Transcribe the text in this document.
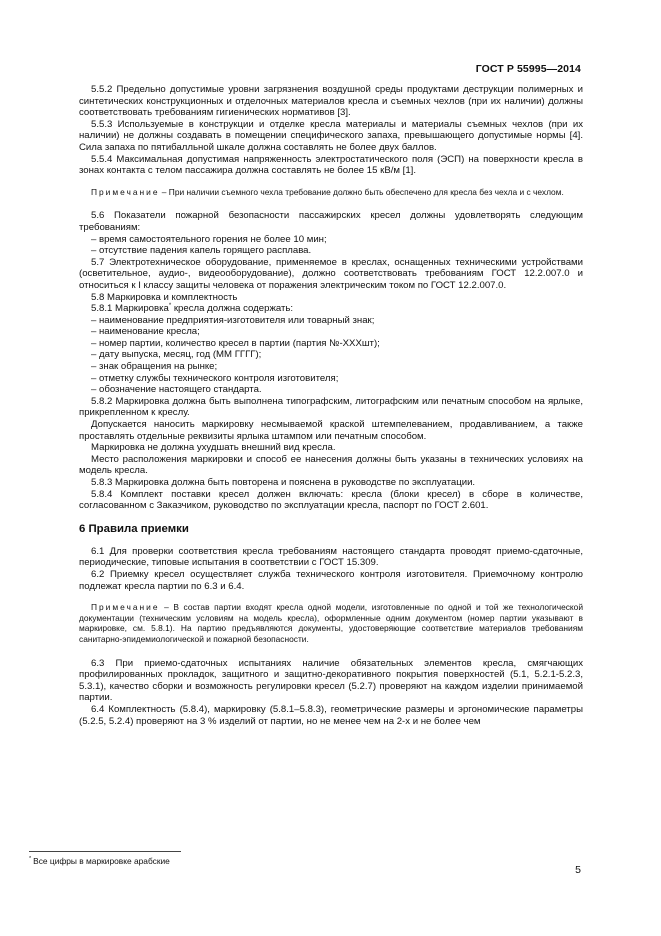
ГОСТ Р 55995—2014

5.5.2 Предельно допустимые уровни загрязнения воздушной среды продуктами деструкции полимерных и синтетических конструкционных и отделочных материалов кресла и съемных чехлов (при их наличии) должны соответствовать требованиям гигиенических нормативов [3].

5.5.3 Используемые в конструкции и отделке кресла материалы и материалы съемных чехлов (при их наличии) не должны создавать в помещении специфического запаха, превышающего допустимые нормы [4]. Сила запаха по пятибалльной шкале должна составлять не более двух баллов.

5.5.4 Максимальная допустимая напряженность электростатического поля (ЭСП) на поверхности кресла в зонах контакта с телом пассажира должна составлять не более 15 кВ/м [1].

Примечание – При наличии съемного чехла требование должно быть обеспечено для кресла без чехла и с чехлом.

5.6 Показатели пожарной безопасности пассажирских кресел должны удовлетворять следующим требованиям:

– время самостоятельного горения не более 10 мин;

– отсутствие падения капель горящего расплава.

5.7 Электротехническое оборудование, применяемое в креслах, оснащенных техническими устройствами (осветительное, аудио-, видеооборудование), должно соответствовать требованиям ГОСТ 12.2.007.0 и относиться к I классу защиты человека от поражения электрическим током по ГОСТ 12.2.007.0.

5.8 Маркировка и комплектность

5.8.1 Маркировка* кресла должна содержать:

– наименование предприятия-изготовителя или товарный знак;

– наименование кресла;

– номер партии, количество кресел в партии (партия №-XXXшт);

– дату выпуска, месяц, год (ММ ГГГГ);

– знак обращения на рынке;

– отметку службы технического контроля изготовителя;

– обозначение настоящего стандарта.

5.8.2 Маркировка должна быть выполнена типографским, литографским или печатным способом на ярлыке, прикрепленном к креслу.

Допускается наносить маркировку несмываемой краской штемпелеванием, продавливанием, а также проставлять отдельные реквизиты ярлыка штампом или печатным способом.

Маркировка не должна ухудшать внешний вид кресла.

Место расположения маркировки и способ ее нанесения должны быть указаны в технических условиях на модель кресла.

5.8.3 Маркировка должна быть повторена и пояснена в руководстве по эксплуатации.

5.8.4 Комплект поставки кресел должен включать: кресла (блоки кресел) в сборе в количестве, согласованном с Заказчиком, руководство по эксплуатации кресла, паспорт по ГОСТ 2.601.

6 Правила приемки

6.1 Для проверки соответствия кресла требованиям настоящего стандарта проводят приемо-сдаточные, периодические, типовые испытания в соответствии с ГОСТ 15.309.

6.2 Приемку кресел осуществляет служба технического контроля изготовителя. Приемочному контролю подлежат кресла партии по 6.3 и 6.4.

Примечание – В состав партии входят кресла одной модели, изготовленные по одной и той же технологической документации (техническим условиям на модель кресла), оформленные одним документом (номер партии указывают в маркировке, см. 5.8.1). На партию предъявляются документы, удостоверяющие соответствие материалов требованиям санитарно-эпидемиологической и пожарной безопасности.

6.3 При приемо-сдаточных испытаниях наличие обязательных элементов кресла, смягчающих профилированных прокладок, защитного и защитно-декоративного покрытия поверхностей (5.1, 5.2.1-5.2.3, 5.3.1), качество сборки и возможность регулировки кресел (5.2.7) проверяют на каждом изделии принимаемой партии.

6.4 Комплектность (5.8.4), маркировку (5.8.1–5.8.3), геометрические размеры и эргономические параметры (5.2.5, 5.2.4) проверяют на 3 % изделий от партии, но не менее чем на 2-х и не более чем

* Все цифры в маркировке арабские
5
